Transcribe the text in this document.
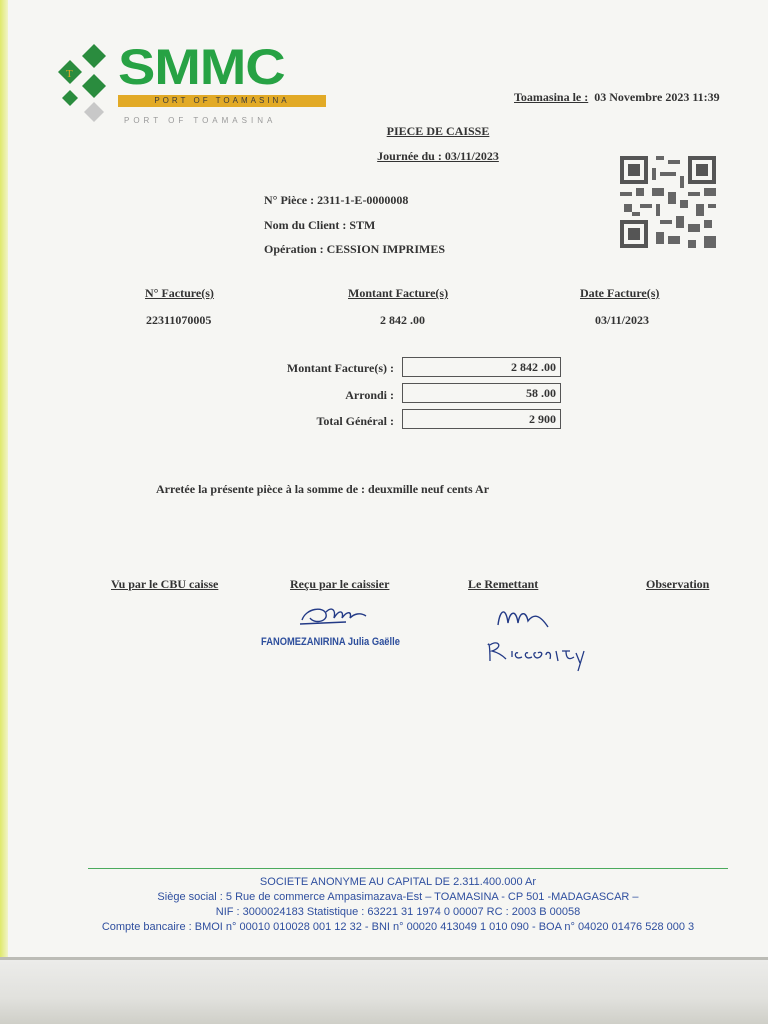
T SMMC
PORT OF TOAMASINA
PORT OF TOAMASINA
Toamasina le : 03 Novembre 2023 11:39
PIECE DE CAISSE
Journée du : 03/11/2023
N° Pièce : 2311-1-E-0000008
Nom du Client : STM
Opération : CESSION IMPRIMES
N° Facture(s)	Montant Facture(s)	Date Facture(s)
22311070005	2 842 .00	03/11/2023
Montant Facture(s) :	2 842 .00
Arrondi :	58 .00
Total Général :	2 900
Arretée la présente pièce à la somme de : deuxmille neuf cents Ar
Vu par le CBU caisse	Reçu par le caissier	Le Remettant	Observation
FANOMEZANIRINA Julia Gaëlle
SOCIETE ANONYME AU CAPITAL DE 2.311.400.000 Ar
Siège social : 5 Rue de commerce Ampasimazava-Est – TOAMASINA - CP 501 -MADAGASCAR –
NIF : 3000024183 Statistique : 63221 31 1974 0 00007 RC : 2003 B 00058
Compte bancaire : BMOI n° 00010 010028 001 12 32 - BNI n° 00020 413049 1 010 090 - BOA n° 04020 01476 528 000 3
